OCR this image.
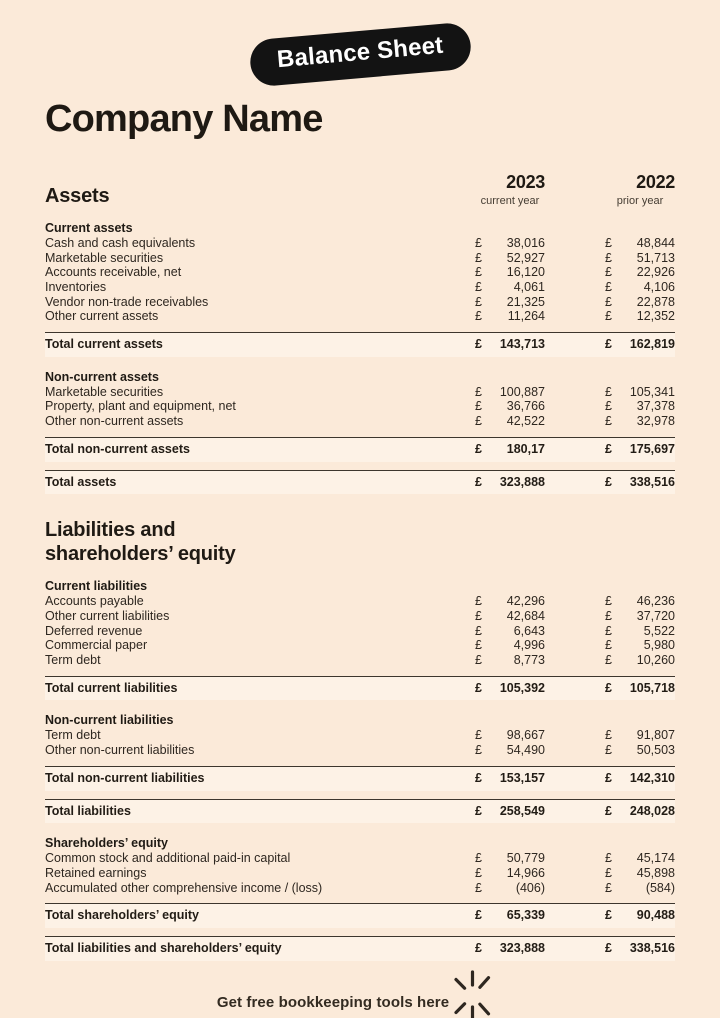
Balance Sheet
Company Name
Assets
2023
current year
2022
prior year
Current assets
Cash and cash equivalents	£ 38,016	£ 48,844
Marketable securities	£ 52,927	£ 51,713
Accounts receivable, net	£ 16,120	£ 22,926
Inventories	£	4,061	£	4,106
Vendor non-trade receivables	£ 21,325	£ 22,878
Other current assets	£ 11,264	£ 12,352
Total current assets	£ 143,713	£ 162,819
Non-current assets
Marketable securities	£ 100,887	£ 105,341
Property, plant and equipment, net	£ 36,766	£ 37,378
Other non-current assets	£ 42,522	£ 32,978
Total non-current assets	£ 180,17	£ 175,697
Total assets	£ 323,888	£ 338,516
Liabilities and
shareholders’ equity
Current liabilities
Accounts payable	£ 42,296	£ 46,236
Other current liabilities	£ 42,684	£ 37,720
Deferred revenue	£	6,643	£	5,522
Commercial paper	£	4,996	£	5,980
Term debt	£	8,773	£ 10,260
Total current liabilities	£ 105,392	£ 105,718
Non-current liabilities
Term debt	£ 98,667	£ 91,807
Other non-current liabilities	£ 54,490	£ 50,503
Total non-current liabilities	£ 153,157	£ 142,310
Total liabilities	£ 258,549	£ 248,028
Shareholders’ equity
Common stock and additional paid-in capital	£ 50,779	£ 45,174
Retained earnings	£ 14,966	£ 45,898
Accumulated other comprehensive income / (loss)	£	(406)	£	(584)
Total shareholders’ equity	£ 65,339	£ 90,488
Total liabilities and shareholders’ equity	£ 323,888	£ 338,516
Get free bookkeeping tools here
